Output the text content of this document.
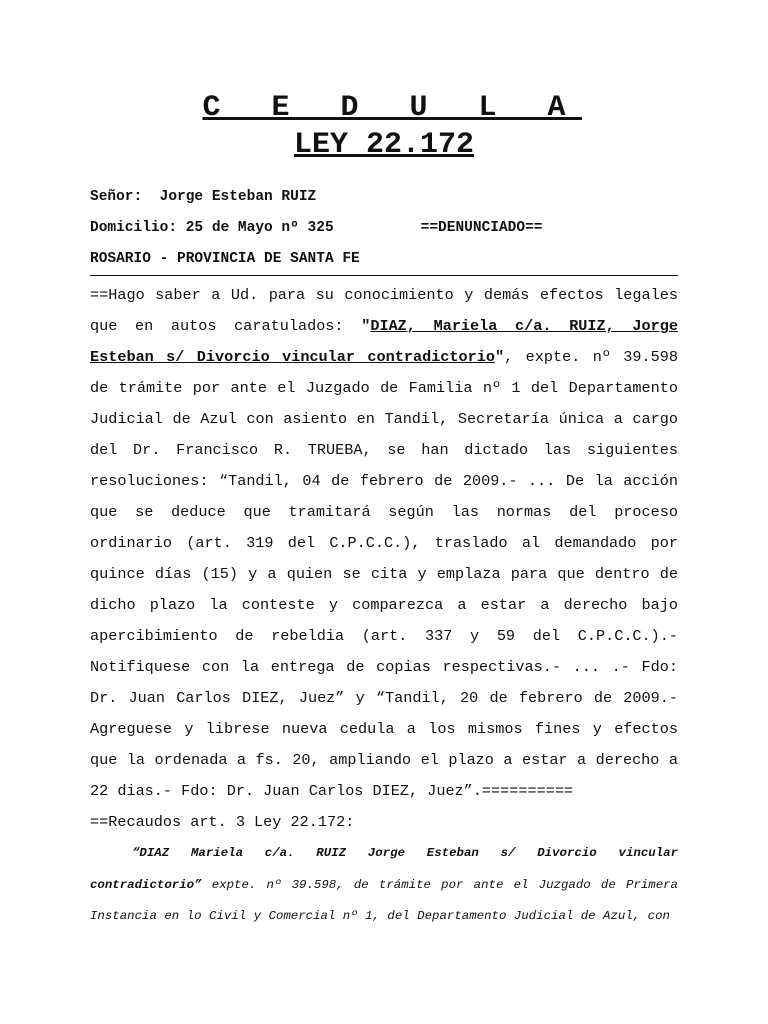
C E D U L A
LEY 22.172

Señor:  Jorge Esteban RUIZ

Domicilio: 25 de Mayo nº 325	==DENUNCIADO==

ROSARIO - PROVINCIA DE SANTA FE

==Hago saber a Ud. para su conocimiento y demás efectos legales que en autos caratulados: "DIAZ, Mariela c/a. RUIZ, Jorge Esteban s/ Divorcio vincular contradictorio", expte. nº 39.598 de trámite por ante el Juzgado de Familia nº 1 del Departamento Judicial de Azul con asiento en Tandil, Secretaría única a cargo del Dr. Francisco R. TRUEBA, se han dictado las siguientes resoluciones: “Tandil, 04 de febrero de 2009.- ... De la acción que se deduce que tramitará según las normas del proceso ordinario (art. 319 del C.P.C.C.), traslado al demandado por quince días (15) y a quien se cita y emplaza para que dentro de dicho plazo la conteste y comparezca a estar a derecho bajo apercibimiento de rebeldia (art. 337 y 59 del C.P.C.C.).- Notifiquese con la entrega de copias respectivas.- ... .- Fdo: Dr. Juan Carlos DIEZ, Juez” y “Tandil, 20 de febrero de 2009.- Agreguese y librese nueva cedula a los mismos fines y efectos que la ordenada a fs. 20, ampliando el plazo a estar a derecho a 22 dias.- Fdo: Dr. Juan Carlos DIEZ, Juez”.==========

==Recaudos art. 3 Ley 22.172:

“DIAZ Mariela c/a. RUIZ Jorge Esteban s/ Divorcio vincular contradictorio” expte. nº 39.598, de trámite por ante el Juzgado de Primera Instancia en lo Civil y Comercial nº 1, del Departamento Judicial de Azul, con
